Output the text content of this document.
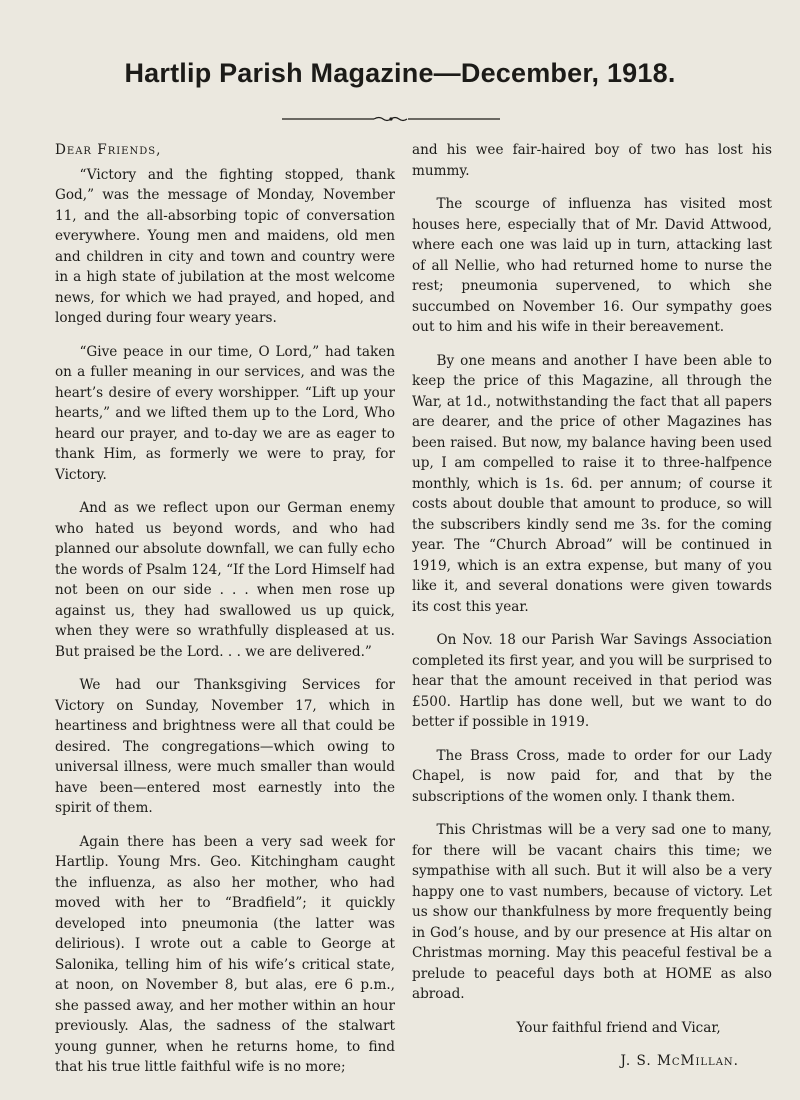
Hartlip Parish Magazine—December, 1918.

Dear Friends,

“Victory and the fighting stopped, thank God,” was the message of Monday, November 11, and the all-absorbing topic of conversation everywhere. Young men and maidens, old men and children in city and town and country were in a high state of jubilation at the most welcome news, for which we had prayed, and hoped, and longed during four weary years.

“Give peace in our time, O Lord,” had taken on a fuller meaning in our services, and was the heart’s desire of every worshipper. “Lift up your hearts,” and we lifted them up to the Lord, Who heard our prayer, and to-day we are as eager to thank Him, as formerly we were to pray, for Victory.

And as we reflect upon our German enemy who hated us beyond words, and who had planned our absolute downfall, we can fully echo the words of Psalm 124, “If the Lord Himself had not been on our side . . . when men rose up against us, they had swallowed us up quick, when they were so wrathfully displeased at us. But praised be the Lord. . . we are delivered.”

We had our Thanksgiving Services for Victory on Sunday, November 17, which in heartiness and brightness were all that could be desired. The congregations—which owing to universal illness, were much smaller than would have been—entered most earnestly into the spirit of them.

Again there has been a very sad week for Hartlip. Young Mrs. Geo. Kitchingham caught the influenza, as also her mother, who had moved with her to “Bradfield”; it quickly developed into pneumonia (the latter was delirious). I wrote out a cable to George at Salonika, telling him of his wife’s critical state, at noon, on November 8, but alas, ere 6 p.m., she passed away, and her mother within an hour previously. Alas, the sadness of the stalwart young gunner, when he returns home, to find that his true little faithful wife is no more;

and his wee fair-haired boy of two has lost his mummy.

The scourge of influenza has visited most houses here, especially that of Mr. David Attwood, where each one was laid up in turn, attacking last of all Nellie, who had returned home to nurse the rest; pneumonia supervened, to which she succumbed on November 16. Our sympathy goes out to him and his wife in their bereavement.

By one means and another I have been able to keep the price of this Magazine, all through the War, at 1d., notwithstanding the fact that all papers are dearer, and the price of other Magazines has been raised. But now, my balance having been used up, I am compelled to raise it to three-halfpence monthly, which is 1s. 6d. per annum; of course it costs about double that amount to produce, so will the subscribers kindly send me 3s. for the coming year. The “Church Abroad” will be continued in 1919, which is an extra expense, but many of you like it, and several donations were given towards its cost this year.

On Nov. 18 our Parish War Savings Association completed its first year, and you will be surprised to hear that the amount received in that period was £500. Hartlip has done well, but we want to do better if possible in 1919.

The Brass Cross, made to order for our Lady Chapel, is now paid for, and that by the subscriptions of the women only. I thank them.

This Christmas will be a very sad one to many, for there will be vacant chairs this time; we sympathise with all such. But it will also be a very happy one to vast numbers, because of victory. Let us show our thankfulness by more frequently being in God’s house, and by our presence at His altar on Christmas morning. May this peaceful festival be a prelude to peaceful days both at HOME as also abroad.

Your faithful friend and Vicar,

J. S. McMillan.
